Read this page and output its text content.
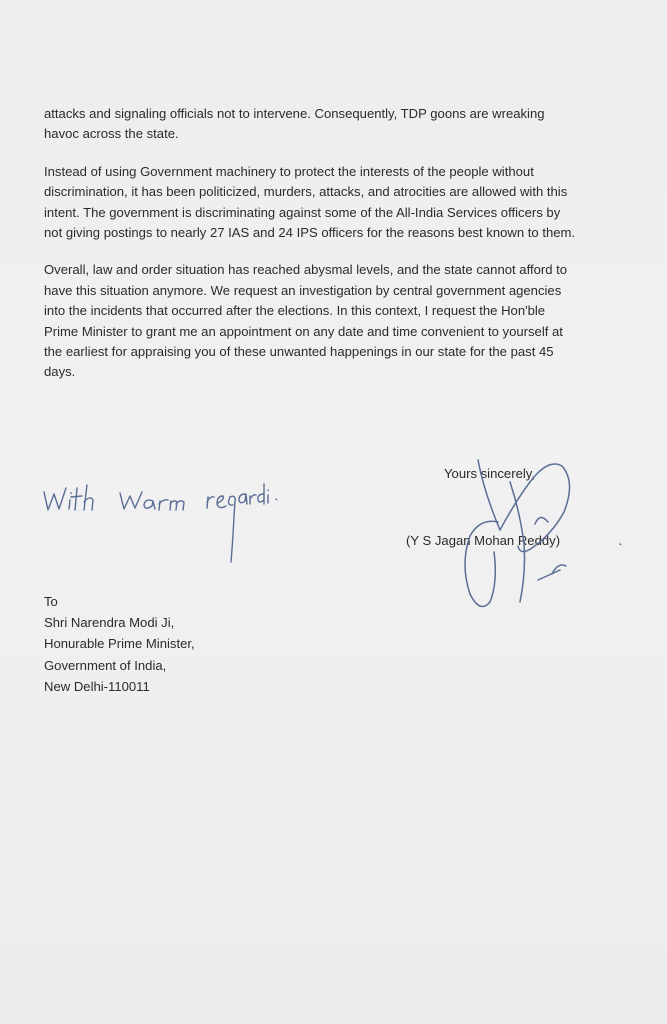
attacks and signaling officials not to intervene. Consequently, TDP goons are wreaking havoc across the state.

Instead of using Government machinery to protect the interests of the people without discrimination, it has been politicized, murders, attacks, and atrocities are allowed with this intent. The government is discriminating against some of the All-India Services officers by not giving postings to nearly 27 IAS and 24 IPS officers for the reasons best known to them.

Overall, law and order situation has reached abysmal levels, and the state cannot afford to have this situation anymore. We request an investigation by central government agencies into the incidents that occurred after the elections. In this context, I request the Hon'ble Prime Minister to grant me an appointment on any date and time convenient to yourself at the earliest for appraising you of these unwanted happenings in our state for the past 45 days.

Yours sincerely,
(Y S Jagan Mohan Reddy)
To
Shri Narendra Modi Ji,
Honurable Prime Minister,
Government of India,
New Delhi-110011
